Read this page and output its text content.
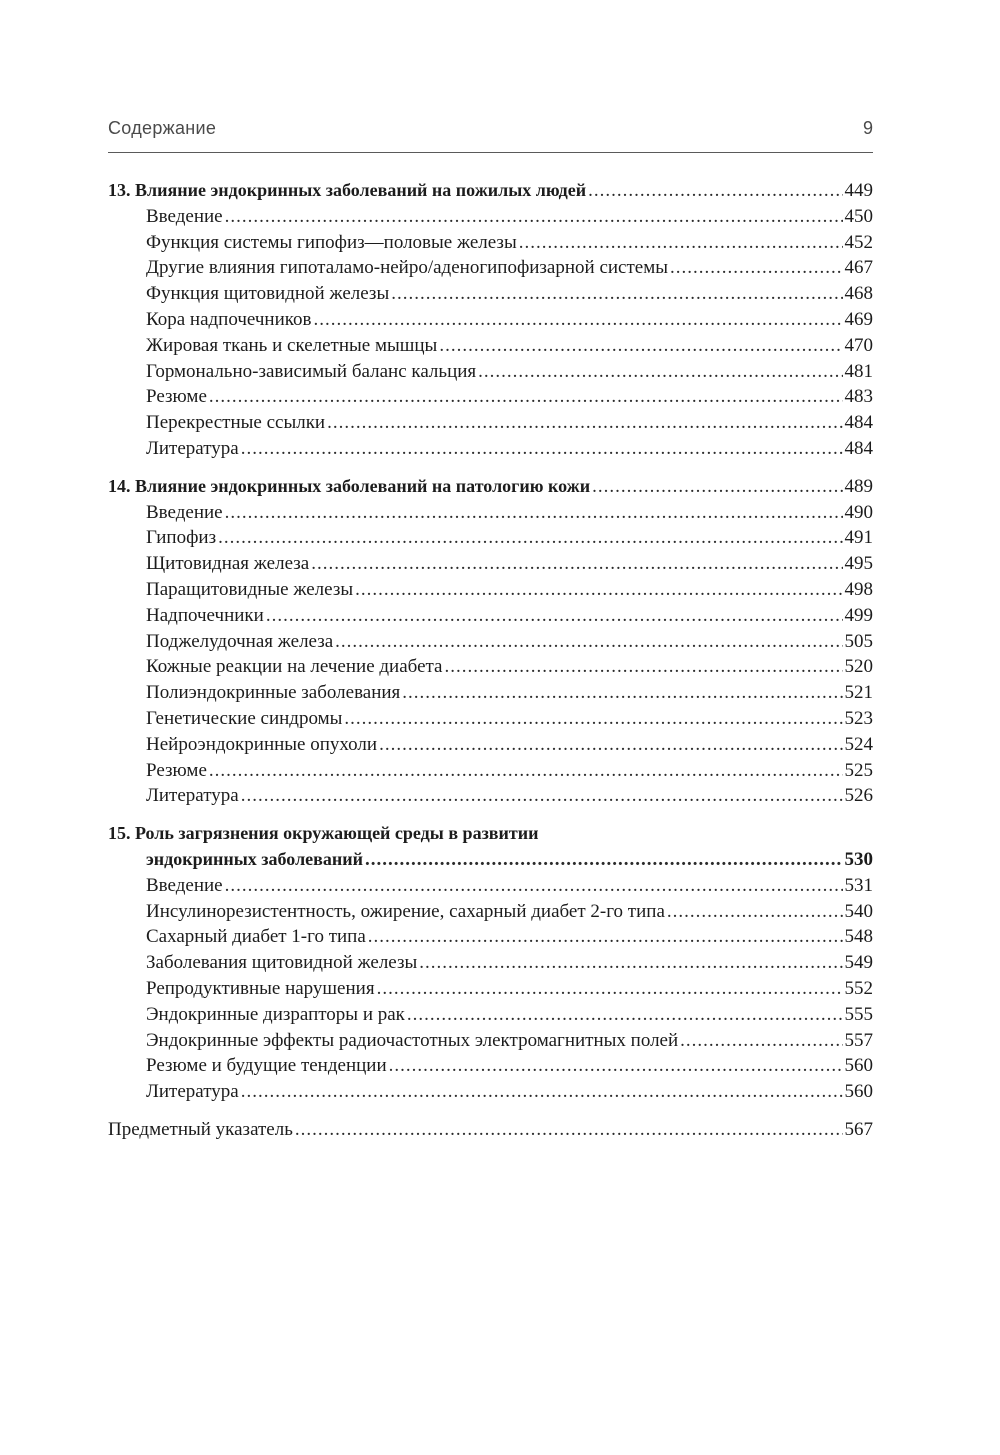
Содержание	9
13. Влияние эндокринных заболеваний на пожилых людей .....	449
Введение .....	450
Функция системы гипофиз—половые железы .....	452
Другие влияния гипоталамо-нейро/аденогипофизарной системы .....	467
Функция щитовидной железы .....	468
Кора надпочечников .....	469
Жировая ткань и скелетные мышцы .....	470
Гормонально-зависимый баланс кальция .....	481
Резюме .....	483
Перекрестные ссылки .....	484
Литература .....	484
14. Влияние эндокринных заболеваний на патологию кожи .....	489
Введение .....	490
Гипофиз .....	491
Щитовидная железа .....	495
Паращитовидные железы .....	498
Надпочечники .....	499
Поджелудочная железа .....	505
Кожные реакции на лечение диабета .....	520
Полиэндокринные заболевания .....	521
Генетические синдромы .....	523
Нейроэндокринные опухоли .....	524
Резюме .....	525
Литература .....	526
15. Роль загрязнения окружающей среды в развитии
эндокринных заболеваний .....	530
Введение .....	531
Инсулинорезистентность, ожирение, сахарный диабет 2-го типа .....	540
Сахарный диабет 1-го типа .....	548
Заболевания щитовидной железы .....	549
Репродуктивные нарушения .....	552
Эндокринные дизрапторы и рак .....	555
Эндокринные эффекты радиочастотных электромагнитных полей .....	557
Резюме и будущие тенденции .....	560
Литература .....	560
Предметный указатель .....	567
